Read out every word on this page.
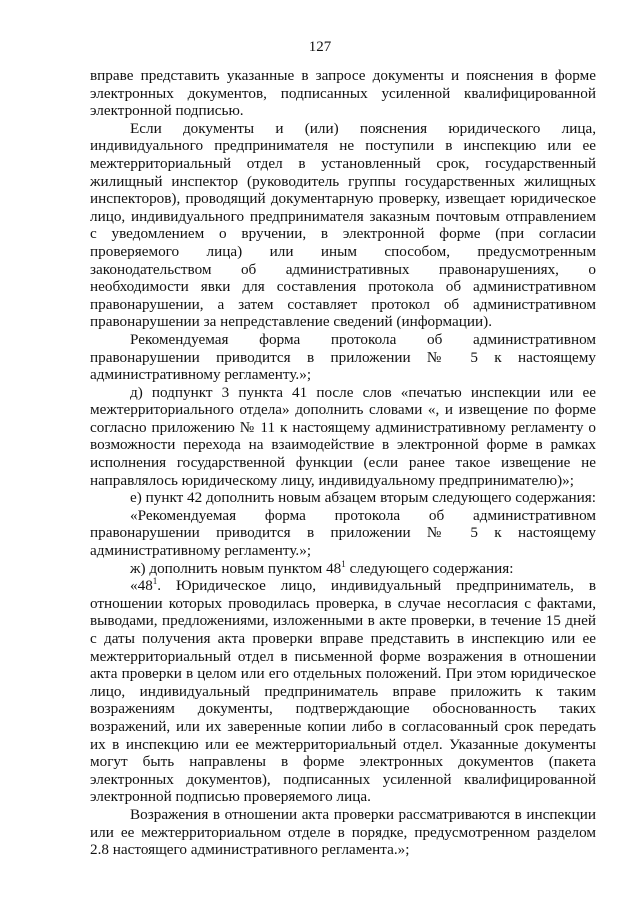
127

вправе представить указанные в запросе документы и пояснения в форме электронных документов, подписанных усиленной квалифицированной электронной подписью.

Если документы и (или) пояснения юридического лица, индивидуального предпринимателя не поступили в инспекцию или ее межтерриториальный отдел в установленный срок, государственный жилищный инспектор (руководитель группы государственных жилищных инспекторов), проводящий документарную проверку, извещает юридическое лицо, индивидуального предпринимателя заказным почтовым отправлением с уведомлением о вручении, в электронной форме (при согласии проверяемого лица) или иным способом, предусмотренным законодательством об административных правонарушениях, о необходимости явки для составления протокола об административном правонарушении, а затем составляет протокол об административном правонарушении за непредставление сведений (информации).

Рекомендуемая форма протокола об административном правонарушении приводится в приложении № 5 к настоящему административному регламенту.»;

д) подпункт 3 пункта 41 после слов «печатью инспекции или ее межтерриториального отдела» дополнить словами «, и извещение по форме согласно приложению № 11 к настоящему административному регламенту о возможности перехода на взаимодействие в электронной форме в рамках исполнения государственной функции (если ранее такое извещение не направлялось юридическому лицу, индивидуальному предпринимателю)»;

е) пункт 42 дополнить новым абзацем вторым следующего содержания:

«Рекомендуемая форма протокола об административном правонарушении приводится в приложении № 5 к настоящему административному регламенту.»;

ж) дополнить новым пунктом $48^1$ следующего содержания:

«$48^1$. Юридическое лицо, индивидуальный предприниматель, в отношении которых проводилась проверка, в случае несогласия с фактами, выводами, предложениями, изложенными в акте проверки, в течение 15 дней с даты получения акта проверки вправе представить в инспекцию или ее межтерриториальный отдел в письменной форме возражения в отношении акта проверки в целом или его отдельных положений. При этом юридическое лицо, индивидуальный предприниматель вправе приложить к таким возражениям документы, подтверждающие обоснованность таких возражений, или их заверенные копии либо в согласованный срок передать их в инспекцию или ее межтерриториальный отдел. Указанные документы могут быть направлены в форме электронных документов (пакета электронных документов), подписанных усиленной квалифицированной электронной подписью проверяемого лица.

Возражения в отношении акта проверки рассматриваются в инспекции или ее межтерриториальном отделе в порядке, предусмотренном разделом 2.8 настоящего административного регламента.»;
